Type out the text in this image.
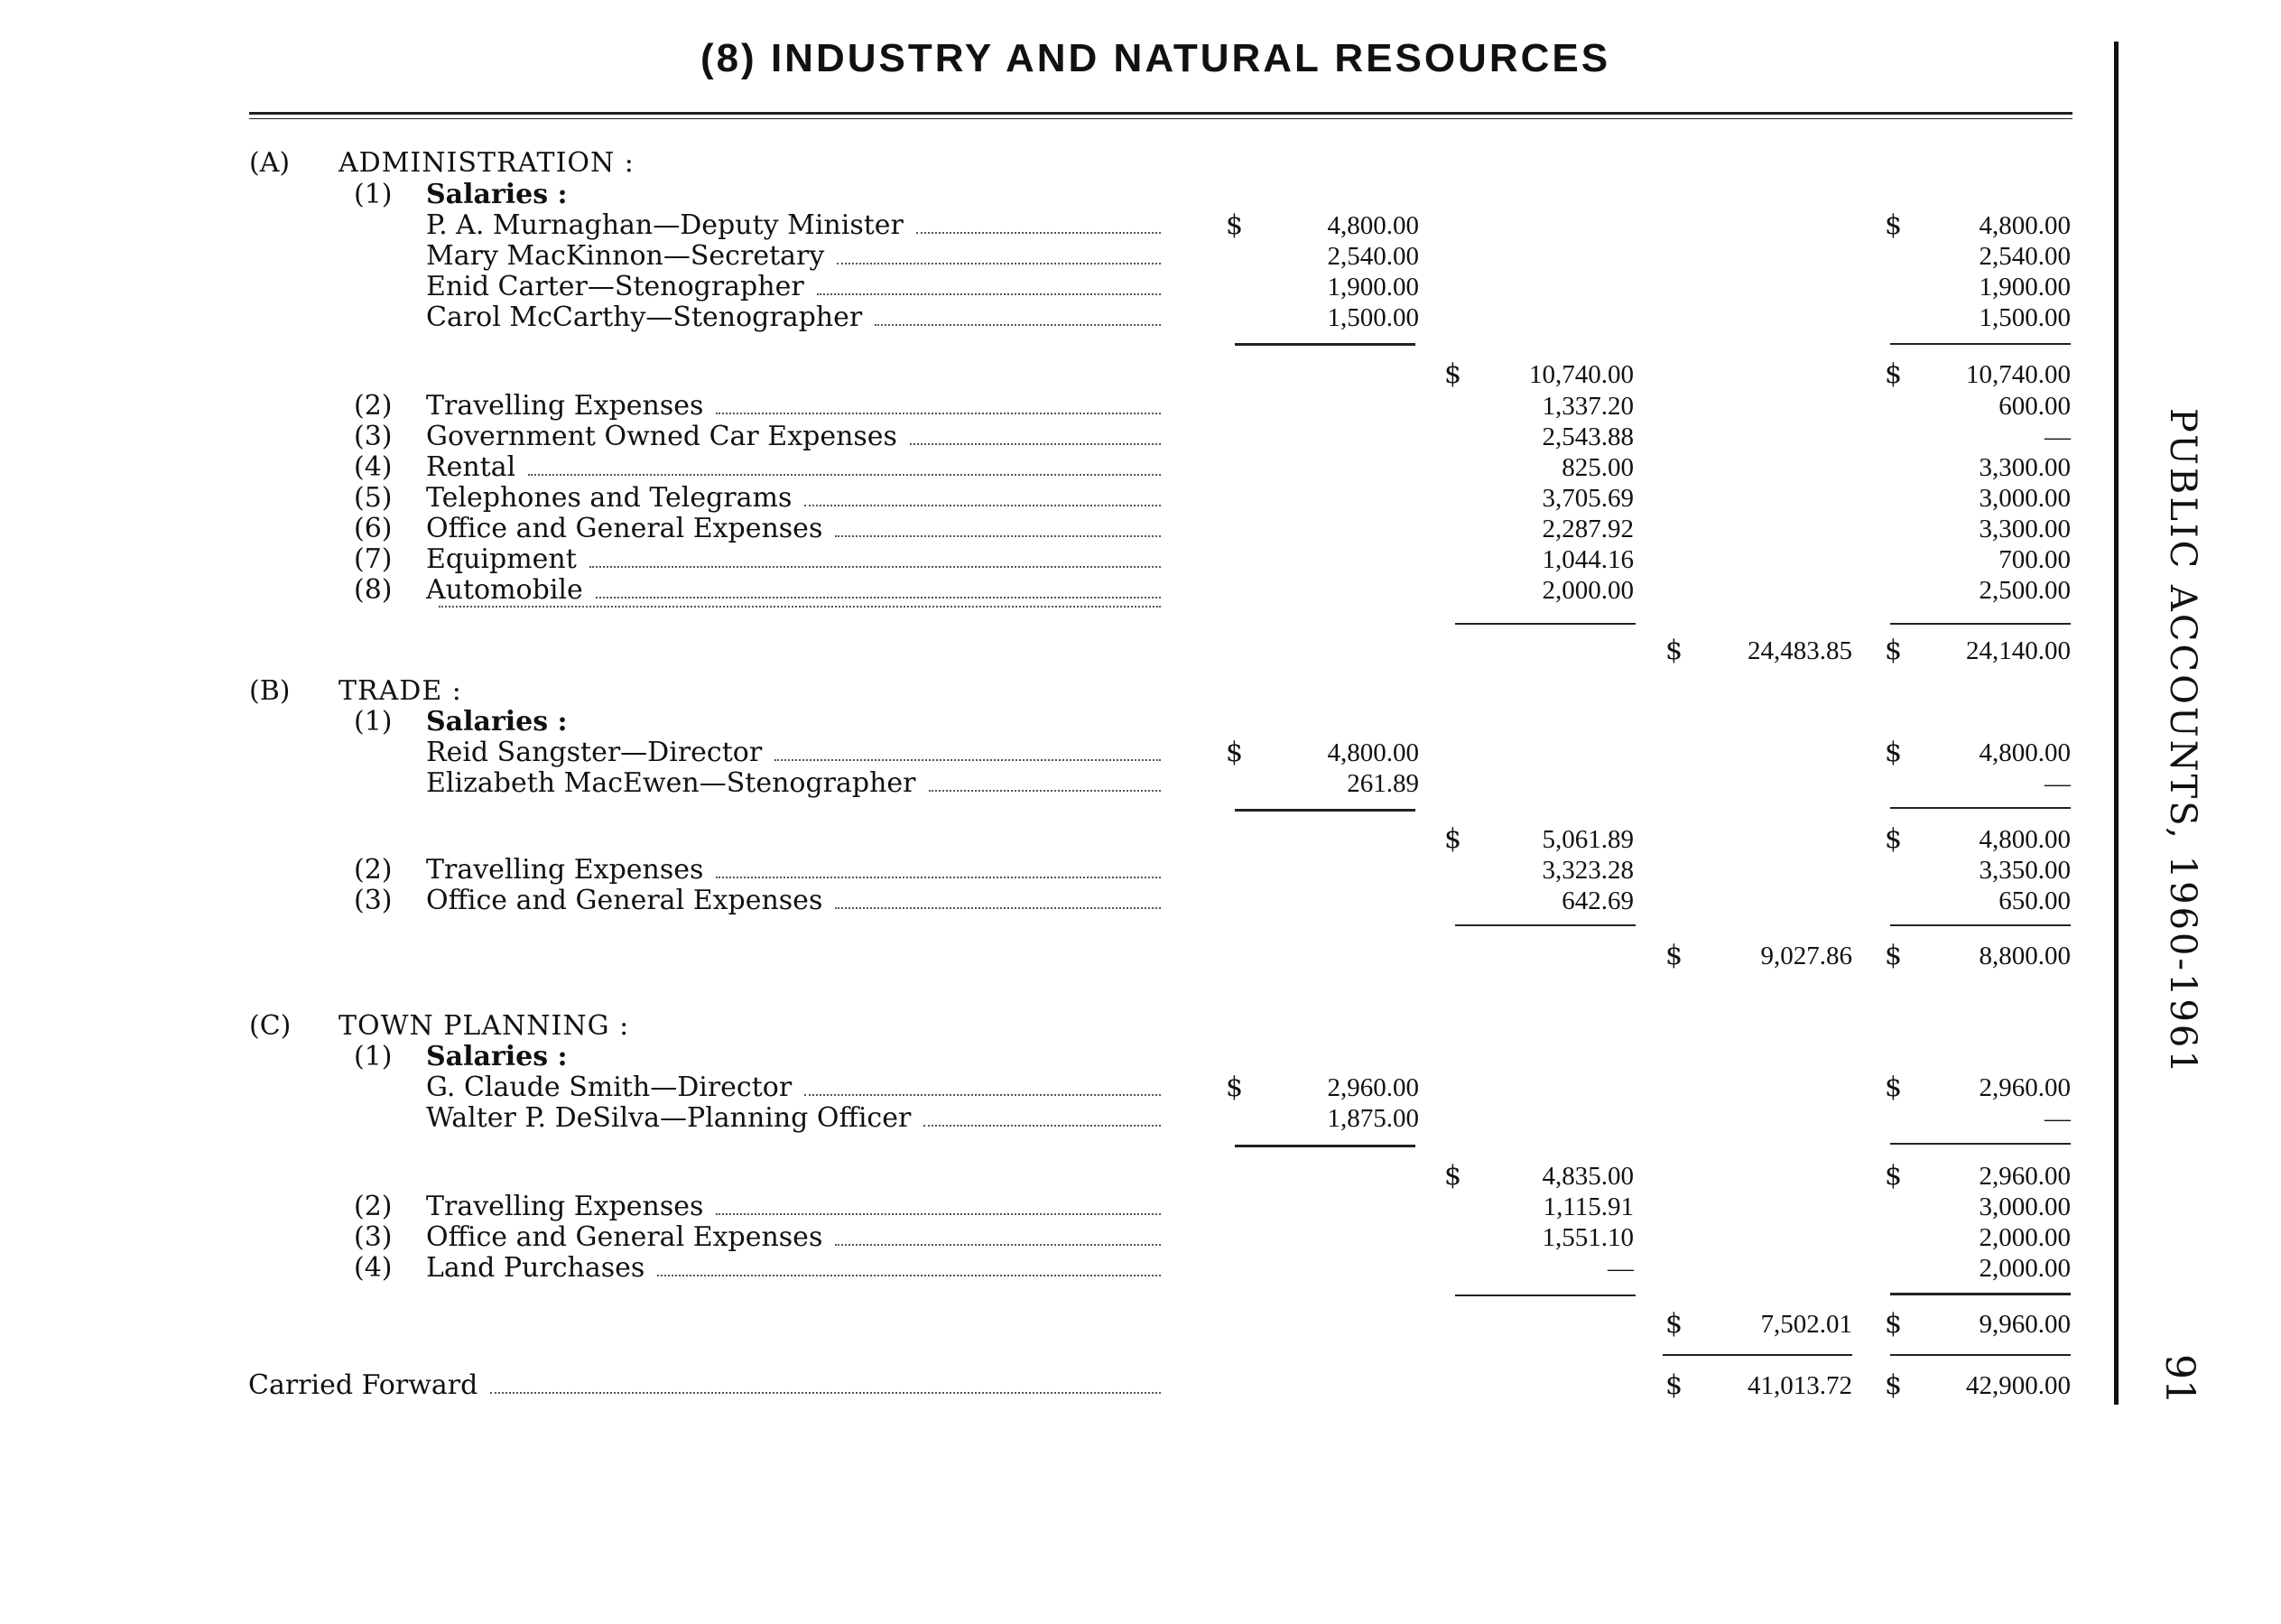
(8) INDUSTRY AND NATURAL RESOURCES
PUBLIC ACCOUNTS, 1960-1961
91
(A) ADMINISTRATION :
(1) Salaries :
P. A. Murnaghan—Deputy Minister	$	4,800.00	$	4,800.00
Mary MacKinnon—Secretary	2,540.00	2,540.00
Enid Carter—Stenographer	1,900.00	1,900.00
Carol McCarthy—Stenographer	1,500.00	1,500.00
$	10,740.00	$	10,740.00
(2) Travelling Expenses	1,337.20	600.00
(3) Government Owned Car Expenses	2,543.88	—
(4) Rental	825.00	3,300.00
(5) Telephones and Telegrams	3,705.69	3,000.00
(6) Office and General Expenses	2,287.92	3,300.00
(7) Equipment	1,044.16	700.00
(8) Automobile	2,000.00	2,500.00
$	24,483.85 $	24,140.00
(B) TRADE :
(1) Salaries :
Reid Sangster—Director	$	4,800.00	$	4,800.00
Elizabeth MacEwen—Stenographer	261.89	—
$	5,061.89	$	4,800.00
(2) Travelling Expenses	3,323.28	3,350.00
(3) Office and General Expenses	642.69	650.00
$	9,027.86 $	8,800.00
(C) TOWN PLANNING :
(1) Salaries :
G. Claude Smith—Director	$	2,960.00	$	2,960.00
Walter P. DeSilva—Planning Officer	1,875.00	—
$	4,835.00	$	2,960.00
(2) Travelling Expenses	1,115.91	3,000.00
(3) Office and General Expenses	1,551.10	2,000.00
(4) Land Purchases	—	2,000.00
$	7,502.01 $	9,960.00
Carried Forward	$	41,013.72 $	42,900.00
